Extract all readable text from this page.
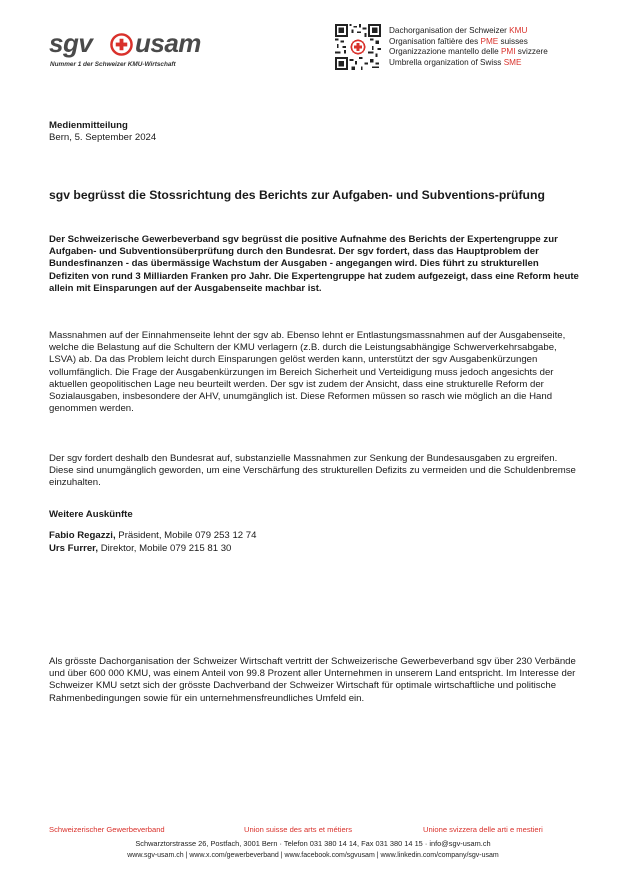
sgv usam
Nummer 1 der Schweizer KMU-Wirtschaft
Dachorganisation der Schweizer KMU
Organisation faîtière des PME suisses
Organizzazione mantello delle PMI svizzere
Umbrella organization of Swiss SME
Medienmitteilung
Bern, 5. September 2024
sgv begrüsst die Stossrichtung des Berichts zur Aufgaben- und Subventions-prüfung

Der Schweizerische Gewerbeverband sgv begrüsst die positive Aufnahme des Berichts der Expertengruppe zur Aufgaben- und Subventionsüberprüfung durch den Bundesrat. Der sgv fordert, dass das Hauptproblem der Bundesfinanzen - das übermässige Wachstum der Ausgaben - angegangen wird. Dies führt zu strukturellen Defiziten von rund 3 Milliarden Franken pro Jahr. Die Expertengruppe hat zudem aufgezeigt, dass eine Reform heute allein mit Einsparungen auf der Ausgabenseite machbar ist.

Massnahmen auf der Einnahmenseite lehnt der sgv ab. Ebenso lehnt er Entlastungsmassnahmen auf der Ausgabenseite, welche die Belastung auf die Schultern der KMU verlagern (z.B. durch die Leistungsabhängige Schwerverkehrsabgabe, LSVA) ab. Da das Problem leicht durch Einsparungen gelöst werden kann, unterstützt der sgv Ausgabenkürzungen vollumfänglich. Die Frage der Ausgabenkürzungen im Bereich Sicherheit und Verteidigung muss jedoch angesichts der aktuellen geopolitischen Lage neu beurteilt werden. Der sgv ist zudem der Ansicht, dass eine strukturelle Reform der Sozialausgaben, insbesondere der AHV, unumgänglich ist. Diese Reformen müssen so rasch wie möglich an die Hand genommen werden.

Der sgv fordert deshalb den Bundesrat auf, substanzielle Massnahmen zur Senkung der Bundesausgaben zu ergreifen. Diese sind unumgänglich geworden, um eine Verschärfung des strukturellen Defizits zu vermeiden und die Schuldenbremse einzuhalten.

Weitere Auskünfte
Fabio Regazzi, Präsident, Mobile 079 253 12 74
Urs Furrer, Direktor, Mobile 079 215 81 30

Als grösste Dachorganisation der Schweizer Wirtschaft vertritt der Schweizerische Gewerbeverband sgv über 230 Verbände und über 600 000 KMU, was einem Anteil von 99.8 Prozent aller Unternehmen in unserem Land entspricht. Im Interesse der Schweizer KMU setzt sich der grösste Dachverband der Schweizer Wirtschaft für optimale wirtschaftliche und politische Rahmenbedingungen sowie für ein unternehmensfreundliches Umfeld ein.

Schweizerischer Gewerbeverband	Union suisse des arts et métiers	Unione svizzera delle arti e mestieri
Schwarztorstrasse 26, Postfach, 3001 Bern · Telefon 031 380 14 14, Fax 031 380 14 15 · info@sgv-usam.ch
www.sgv-usam.ch | www.x.com/gewerbeverband | www.facebook.com/sgvusam | www.linkedin.com/company/sgv-usam
